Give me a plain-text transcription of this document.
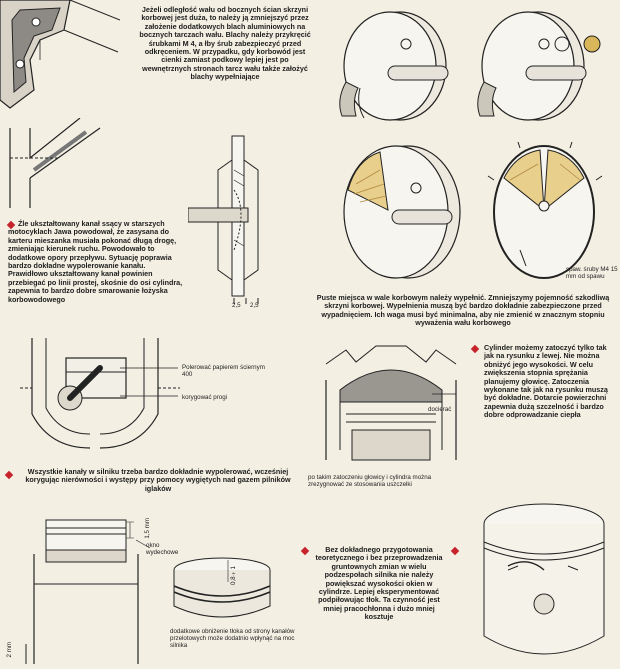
Jeżeli odległość wału od bocznych ścian skrzyni korbowej jest duża, to należy ją zmniejszyć przez założenie dodatkowych blach aluminiowych na bocznych tarczach wału. Blachy należy przykręcić śrubkami M 4, a łby śrub zabezpieczyć przed odkręceniem. W przypadku, gdy korbowód jest cienki zamiast podkowy lepiej jest po wewnętrznych stronach tarcz wału także założyć blachy wypełniające
2,5 2,5
Źle ukształtowany kanał ssący w starszych motocyklach Jawa powodował, że zasysana do karteru mieszanka musiała pokonać długą drogę, zmieniając kierunek ruchu. Powodowało to dodatkowe opory przepływu. Sytuację poprawia bardzo dokładne wypolerowanie kanału. Prawidłowo ukształtowany kanał powinien przebiegać po linii prostej, skośnie do osi cylindra, zapewnia to bardzo dobre smarowanie łożyska korbowodowego
spaw. śruby M4 15 mm od spawu
Puste miejsca w wale korbowym należy wypełnić. Zmniejszymy pojemność szkodliwą skrzyni korbowej. Wypełnienia muszą być bardzo dokładnie zabezpieczone przed wypadnięciem. Ich waga musi być minimalna, aby nie zmienić w znacznym stopniu wyważenia wału korbowego
Polerować papierem ściernym 400
korygować progi
Wszystkie kanały w silniku trzeba bardzo dokładnie wypolerować, wcześniej korygując nierówności i występy przy pomocy wygiętych nad gazem pilników iglaków
docierać
po takim zatoczeniu głowicy i cylindra można zrezygnować ze stosowania uszczelki
Cylinder możemy zatoczyć tylko tak jak na rysunku z lewej. Nie można obniżyć jego wysokości. W celu zwiększenia stopnia sprężania planujemy głowicę. Zatoczenia wykonane tak jak na rysunku muszą być dokładne. Dotarcie powierzchni zapewnia dużą szczelność i bardzo dobre odprowadzanie ciepła
1,5 mm
okno wydechowe
2 mm
0,8÷1
dodatkowe obniżenie tłoka od strony kanałów przelotowych może dodatnio wpłynąć na moc silnika
Bez dokładnego przygotowania teoretycznego i bez przeprowadzenia gruntownych zmian w wielu podzespołach silnika nie należy powiększać wysokości okien w cylindrze. Lepiej eksperymentować podpiłowując tłok. Ta czynność jest mniej pracochłonna i dużo mniej kosztuje
